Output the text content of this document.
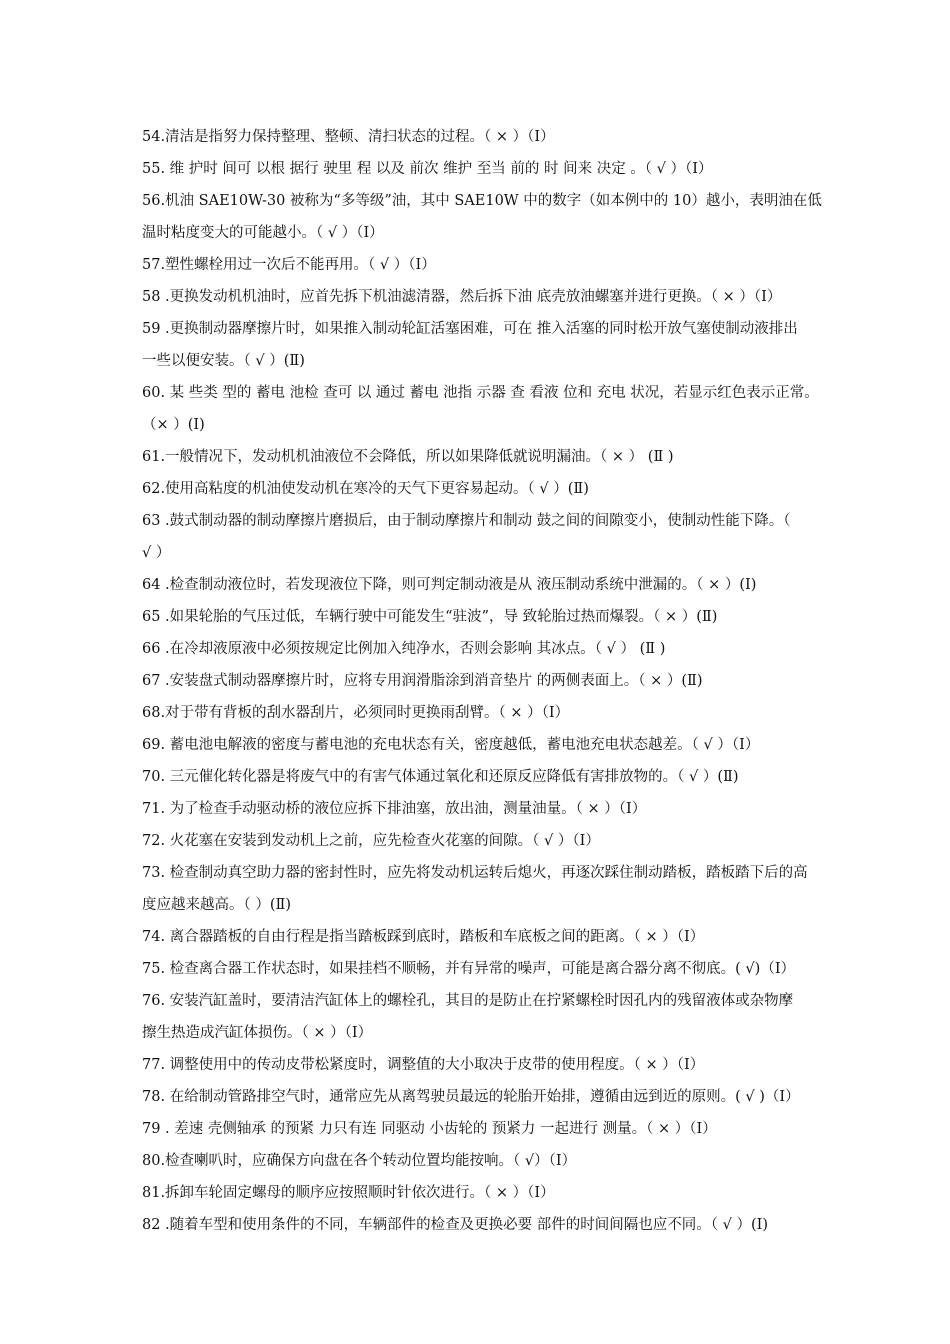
54.清洁是指努力保持整理、整顿、清扫状态的过程。（ × ）（Ⅰ）

55. 维 护时 间可 以根 据行 驶里 程 以及 前次 维护 至当 前的 时 间来 决定 。（ √ ）（Ⅰ）

56.机油 SAE10W-30 被称为“多等级”油，其中 SAE10W 中的数字（如本例中的 10）越小，表明油在低
温时粘度变大的可能越小。（ √ ）（Ⅰ）

57.塑性螺栓用过一次后不能再用。（ √ ）（Ⅰ）

58 .更换发动机机油时，应首先拆下机油滤清器，然后拆下油 底壳放油螺塞并进行更换。（ × ）（Ⅰ）

59 .更换制动器摩擦片时，如果推入制动轮缸活塞困难，可在 推入活塞的同时松开放气塞使制动液排出
一些以便安装。（ √ ）(Ⅱ)

60. 某 些类 型的 蓄电 池检 查可 以 通过 蓄电 池指 示器 查 看液 位和 充电 状况，若显示红色表示正常。
（× ）(Ⅰ)

61.一般情况下，发动机机油液位不会降低，所以如果降低就说明漏油。（ × ） (Ⅱ )

62.使用高粘度的机油使发动机在寒冷的天气下更容易起动。（ √ ）(Ⅱ)

63 .鼓式制动器的制动摩擦片磨损后，由于制动摩擦片和制动 鼓之间的间隙变小，使制动性能下降。（
√ ）

64 .检查制动液位时，若发现液位下降，则可判定制动液是从 液压制动系统中泄漏的。（ × ）(Ⅰ)

65 .如果轮胎的气压过低，车辆行驶中可能发生“驻波”，导 致轮胎过热而爆裂。（ × ）(Ⅱ)

66 .在冷却液原液中必须按规定比例加入纯净水，否则会影响 其冰点。（ √ ） (Ⅱ )

67 .安装盘式制动器摩擦片时，应将专用润滑脂涂到消音垫片 的两侧表面上。（ × ）(Ⅱ)

68.对于带有背板的刮水器刮片，必须同时更换雨刮臂。（ × ）（Ⅰ）

69. 蓄电池电解液的密度与蓄电池的充电状态有关，密度越低，蓄电池充电状态越差。（ √ ）（Ⅰ）

70. 三元催化转化器是将废气中的有害气体通过氧化和还原反应降低有害排放物的。（ √ ）(Ⅱ)

71. 为了检查手动驱动桥的液位应拆下排油塞，放出油，测量油量。（ × ）（Ⅰ）

72. 火花塞在安装到发动机上之前，应先检查火花塞的间隙。（ √ ）（Ⅰ）

73. 检查制动真空助力器的密封性时，应先将发动机运转后熄火，再逐次踩住制动踏板，踏板踏下后的高
度应越来越高。（ ）(Ⅱ)

74. 离合器踏板的自由行程是指当踏板踩到底时，踏板和车底板之间的距离。（ × ）（Ⅰ）

75. 检查离合器工作状态时，如果挂档不顺畅，并有异常的噪声，可能是离合器分离不彻底。( √)（Ⅰ）

76. 安装汽缸盖时，要清洁汽缸体上的螺栓孔，其目的是防止在拧紧螺栓时因孔内的残留液体或杂物摩
擦生热造成汽缸体损伤。（ × ）（Ⅰ）

77. 调整使用中的传动皮带松紧度时，调整值的大小取决于皮带的使用程度。（ × ）（Ⅰ）

78. 在给制动管路排空气时，通常应先从离驾驶员最远的轮胎开始排，遵循由远到近的原则。( √ )（Ⅰ）

79 . 差速 壳侧轴承 的预紧 力只有连 同驱动 小齿轮的 预紧力 一起进行 测量。（ × ）（Ⅰ）

80.检查喇叭时，应确保方向盘在各个转动位置均能按响。（ √）（Ⅰ）

81.拆卸车轮固定螺母的顺序应按照顺时针依次进行。（ × ）（Ⅰ）

82 .随着车型和使用条件的不同，车辆部件的检查及更换必要 部件的时间间隔也应不同。（ √ ）(Ⅰ)
